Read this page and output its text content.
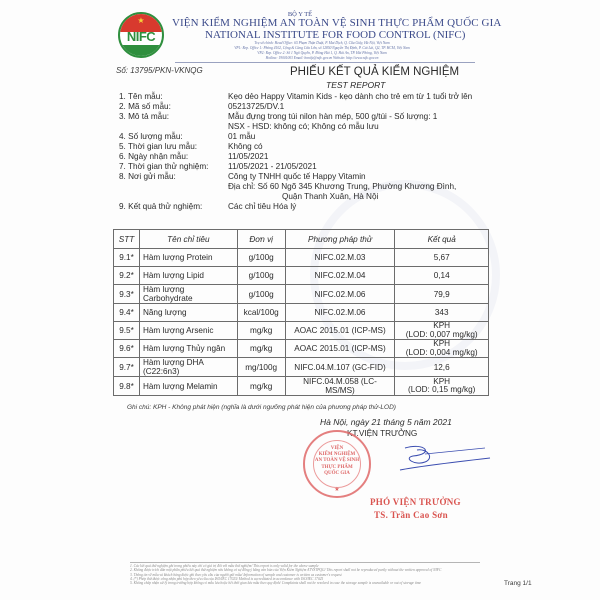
★
NIFC
BỘ Y TẾ
VIỆN KIỂM NGHIỆM AN TOÀN VỆ SINH THỰC PHẨM QUỐC GIA
NATIONAL INSTITUTE FOR FOOD CONTROL (NIFC)
Trụ sở chính: Head Office: 65 Phạm Thận Duật, P. Mai Dịch, Q. Cầu Giấy, Hà Nội, Việt Nam
VP1: Rep. Office 1: Phòng 4102, Cộng & Cùng Cửa Lớn, số 12850 Nguyễn Thị Định, P. Cát Lái, Q2, TP. HCM, Việt Nam
VP2: Rep. Office 2: Số 1 Ngô Quyền, P. Đông Hải 1, Q. Hải An, TP. Hải Phòng, Việt Nam
Hotline: 19001003 Email: hnnifc@nifc.gov.vn Website: http://www.nifc.gov.vn
Số: 13795/PKN-VKNQG	PHIẾU KẾT QUẢ KIỂM NGHIỆM
TEST REPORT
1. Tên mẫu:	Kẹo dẻo Happy Vitamin Kids - kẹo dành cho trẻ em từ 1 tuổi trở lên
2. Mã số mẫu:	05213725/DV.1
3. Mô tả mẫu:	Mẫu đựng trong túi nilon hàn mép, 500 g/túi - Số lượng: 1
NSX - HSD: không có; Không có mẫu lưu
4. Số lượng mẫu:	01 mẫu
5. Thời gian lưu mẫu:	Không có
6. Ngày nhận mẫu:	11/05/2021
7. Thời gian thử nghiệm:	11/05/2021 - 21/05/2021
8. Nơi gửi mẫu:	Công ty TNHH quốc tế Happy Vitamin
Địa chỉ: Số 60 Ngõ 345 Khương Trung, Phường Khương Đình,
Quận Thanh Xuân, Hà Nội
9. Kết quả thử nghiệm:	Các chỉ tiêu Hóa lý
STT	Tên chỉ tiêu	Đơn vị	Phương pháp thử	Kết quả
9.1*	Hàm lượng Protein	g/100g	NIFC.02.M.03	5,67

9.2*	Hàm lượng Lipid	g/100g	NIFC.02.M.04	0,14

9.3*	Hàm lượng Carbohydrate	g/100g	NIFC.02.M.06	79,9

9.4*	Năng lượng	kcal/100g	NIFC.02.M.06	343

9.5*	Hàm lượng Arsenic	mg/kg	AOAC 2015.01 (ICP-MS)	KPH
(LOD: 0,007 mg/kg)

9.6*	Hàm lượng Thủy ngân	mg/kg	AOAC 2015.01 (ICP-MS)	KPH
(LOD: 0,004 mg/kg)

9.7*	Hàm lượng DHA (C22:6n3)	mg/100g	NIFC.04.M.107 (GC-FID)	12,6

9.8*	Hàm lượng Melamin	mg/kg	NIFC.04.M.058 (LC-MS/MS)	KPH
(LOD: 0,15 mg/kg)
Ghi chú: KPH - Không phát hiện (nghĩa là dưới ngưỡng phát hiện của phương pháp thử-LOD)
Hà Nội, ngày 21 tháng 5 năm 2021
KT.VIỆN TRƯỞNG
VIỆN
KIỂM NGHIỆM
AN TOÀN VỆ SINH
THỰC PHẨM
QUỐC GIA
★
PHÓ VIỆN TRƯỞNG
TS. Trần Cao Sơn
1. Các kết quả thử nghiệm ghi trong phiếu này chỉ có giá trị đối với mẫu thử nghiệm/ This report is only valid for the above sample
2. Không được trích dẫn một phần phiếu kết quả thử nghiệm nếu không có sự đồng ý bằng văn bản của Viện Kiểm Nghiệm ATVSTPQG/ This report shall not be reproduced partly without the written approval of NIFC
3. Thông tin về mẫu và khách hàng được ghi theo yêu cầu của người gửi mẫu/ Information of sample and customer is written as customer's request
4. (*) Phép thử được công nhận phù hợp theo yêu cầu của ISO/IEC 17025/ Method is accreditated in accordance with ISO/IEC 17025
5. Không chấp nhận xử lý trong trường hợp không có mẫu lưu hoặc hết thời gian lưu mẫu theo quy định/ Complaints shall not be resolved in case the storage sample is unavailable or out of storage time	Trang 1/1
